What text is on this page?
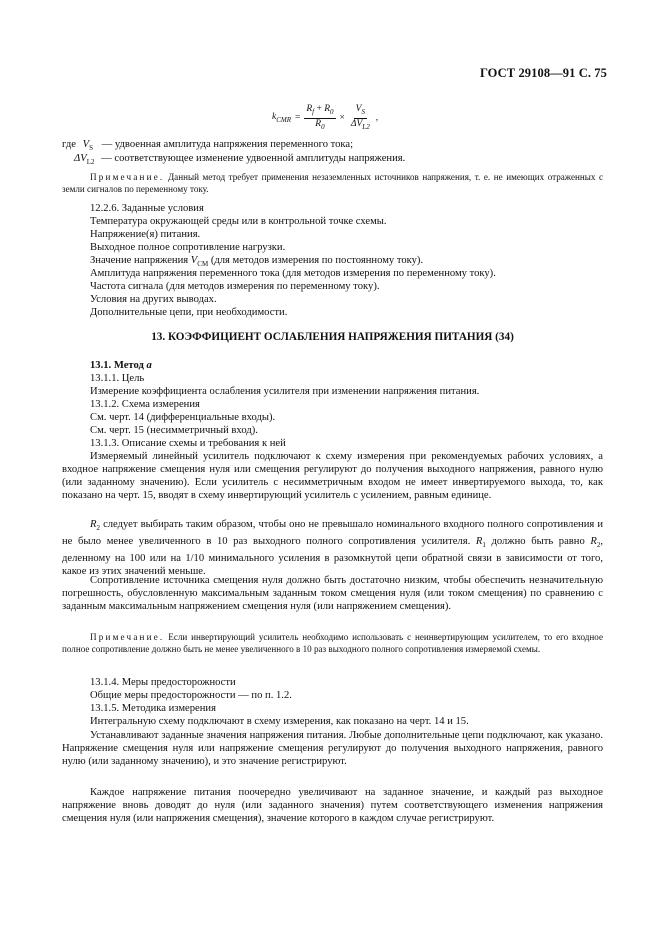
ГОСТ 29108—91 С. 75
$k_{CMR} = \frac{R_f + R_0}{R_0} \times \frac{V_S}{\Delta V_{L2}}$ ,
где $V_S$ — удвоенная амплитуда напряжения переменного тока;
$\Delta V_{L2}$ — соответствующее изменение удвоенной амплитуды напряжения.
Примечание. Данный метод требует применения незаземленных источников напряжения, т. е. не имеющих отраженных с земли сигналов по переменному току.
12.2.6. Заданные условия
Температура окружающей среды или в контрольной точке схемы.
Напряжение(я) питания.
Выходное полное сопротивление нагрузки.
Значение напряжения $V_{CM}$ (для методов измерения по постоянному току).
Амплитуда напряжения переменного тока (для методов измерения по переменному току).
Частота сигнала (для методов измерения по переменному току).
Условия на других выводах.
Дополнительные цепи, при необходимости.
13. КОЭФФИЦИЕНТ ОСЛАБЛЕНИЯ НАПРЯЖЕНИЯ ПИТАНИЯ (34)
13.1. Метод a
13.1.1. Цель
Измерение коэффициента ослабления усилителя при изменении напряжения питания.
13.1.2. Схема измерения
См. черт. 14 (дифференциальные входы).
См. черт. 15 (несимметричный вход).
13.1.3. Описание схемы и требования к ней
Измеряемый линейный усилитель подключают к схему измерения при рекомендуемых рабочих условиях, а входное напряжение смещения нуля или смещения регулируют до получения выходного напряжения, равного нулю (или заданному значению). Если усилитель с несимметричным входом не имеет инвертируемого выхода, то, как показано на черт. 15, вводят в схему инвертирующий усилитель с усилением, равным единице.
$R_2$ следует выбирать таким образом, чтобы оно не превышало номинального входного полного сопротивления и не было менее увеличенного в 10 раз выходного полного сопротивления усилителя. $R_1$ должно быть равно $R_2$, деленному на 100 или на 1/10 минимального усиления в разомкнутой цепи обратной связи в зависимости от того, какое из этих значений меньше.
Сопротивление источника смещения нуля должно быть достаточно низким, чтобы обеспечить незначительную погрешность, обусловленную максимальным заданным током смещения нуля (или током смещения) по сравнению с заданным максимальным напряжением смещения нуля (или напряжением смещения).
Примечание. Если инвертирующий усилитель необходимо использовать с неинвертирующим усилителем, то его входное полное сопротивление должно быть не менее увеличенного в 10 раз выходного полного сопротивления измеряемой схемы.
13.1.4. Меры предосторожности
Общие меры предосторожности — по п. 1.2.
13.1.5. Методика измерения
Интегральную схему подключают в схему измерения, как показано на черт. 14 и 15.
Устанавливают заданные значения напряжения питания. Любые дополнительные цепи подключают, как указано. Напряжение смещения нуля или напряжение смещения регулируют до получения выходного напряжения, равного нулю (или заданному значению), и это значение регистрируют.
Каждое напряжение питания поочередно увеличивают на заданное значение, и каждый раз выходное напряжение вновь доводят до нуля (или заданного значения) путем соответствующего изменения напряжения смещения нуля (или напряжения смещения), значение которого в каждом случае регистрируют.
